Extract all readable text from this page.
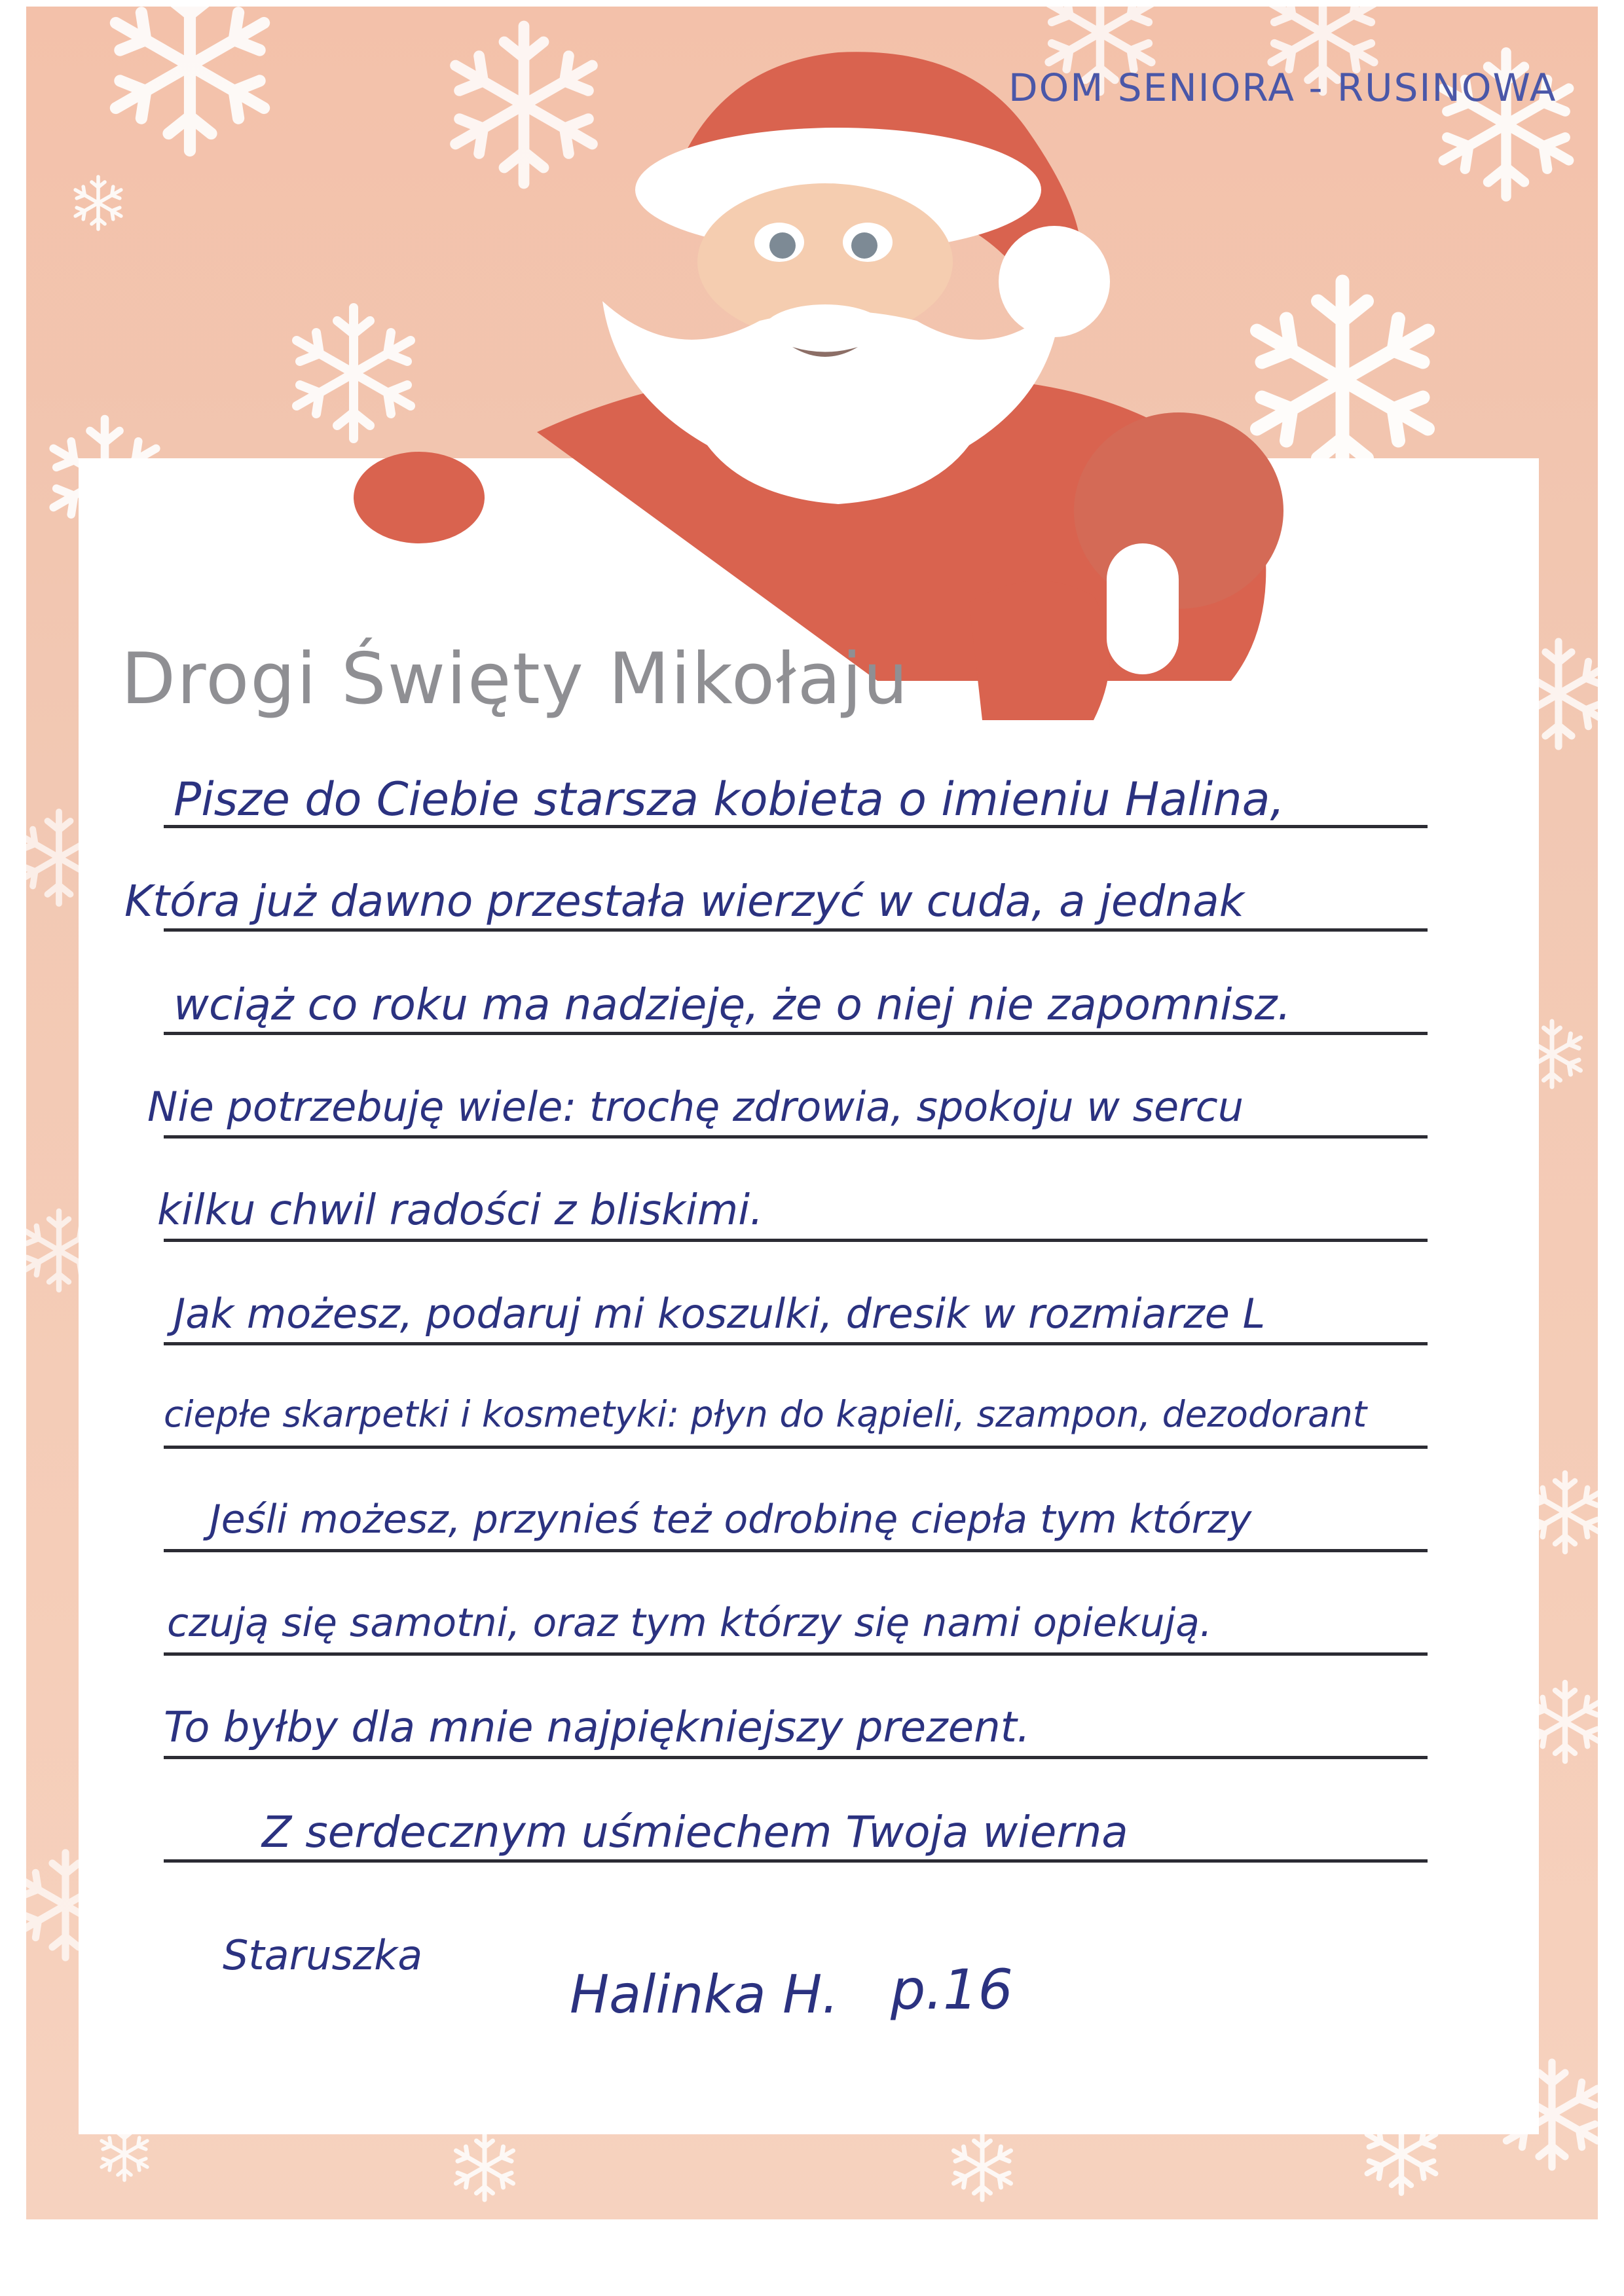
DOM SENIORA - RUSINOWA
Drogi Święty Mikołaju
Pisze do Ciebie starsza kobieta o imieniu Halina,
Która już dawno przestała wierzyć w cuda, a jednak
wciąż co roku ma nadzieję, że o niej nie zapomnisz.
Nie potrzebuję wiele: trochę zdrowia, spokoju w sercu
kilku chwil radości z bliskimi.
Jak możesz, podaruj mi koszulki, dresik w rozmiarze L
ciepłe skarpetki i kosmetyki: płyn do kąpieli, szampon, dezodorant
Jeśli możesz, przynieś też odrobinę ciepła tym którzy
czują się samotni, oraz tym którzy się nami opiekują.
To byłby dla mnie najpiękniejszy prezent.
Z serdecznym uśmiechem Twoja wierna
Staruszka
Halinka H. p.16
